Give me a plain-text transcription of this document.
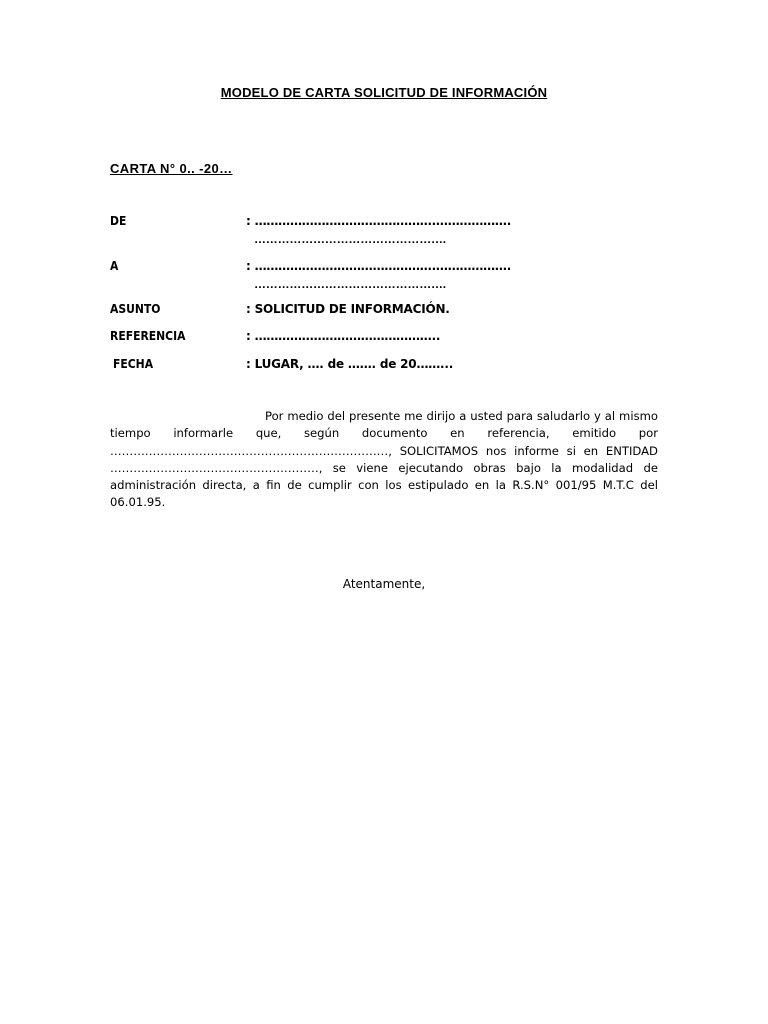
MODELO DE CARTA SOLICITUD DE INFORMACIÓN
CARTA N° 0.. -20…
DE	: ……………………………………….……………….
………………………………………….
A	: ……………………………………….……………….
………………………………………….
ASUNTO	: SOLICITUD DE INFORMACIÓN.
REFERENCIA	: ………………………………………..
FECHA	: LUGAR, …. de ……. de 20……...
Por medio del presente me dirijo a usted para saludarlo y al mismo tiempo informarle que, según documento en referencia, emitido por ………………………………………………………………, SOLICITAMOS nos informe si en ENTIDAD ………………………………………………, se viene ejecutando obras bajo la modalidad de administración directa, a fin de cumplir con los estipulado en la R.S.N° 001/95 M.T.C del 06.01.95.
Atentamente,
